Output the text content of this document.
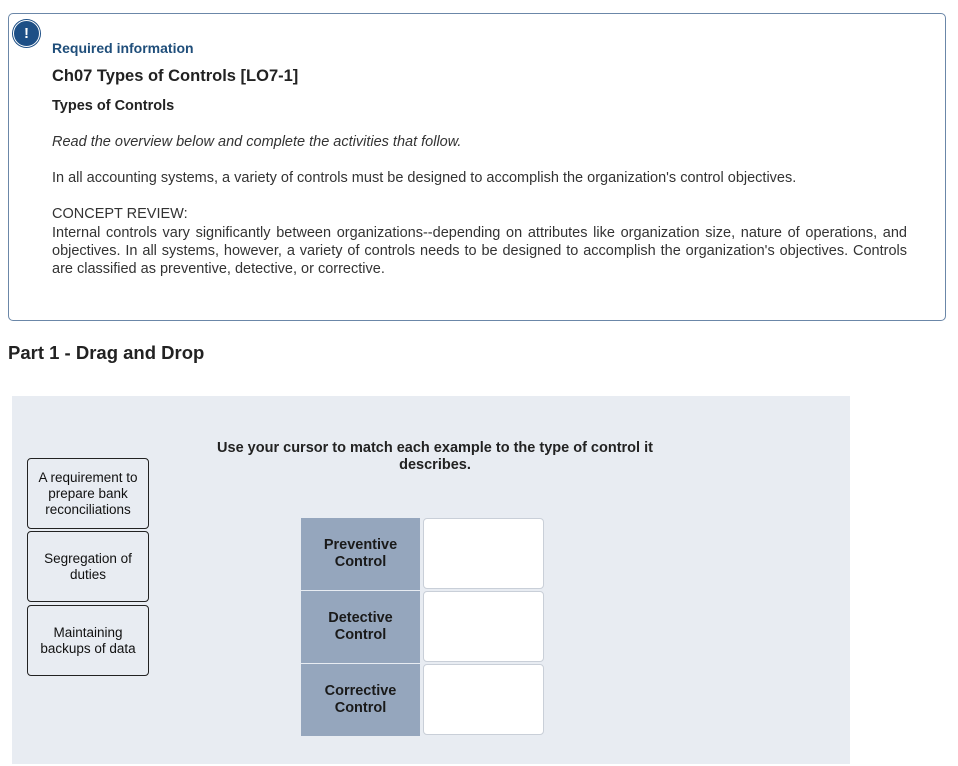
!
Required information
Ch07 Types of Controls [LO7-1]
Types of Controls
Read the overview below and complete the activities that follow.
In all accounting systems, a variety of controls must be designed to accomplish the organization's control objectives.
CONCEPT REVIEW:
Internal controls vary significantly between organizations--depending on attributes like organization size, nature of operations, and objectives. In all systems, however, a variety of controls needs to be designed to accomplish the organization's objectives. Controls are classified as preventive, detective, or corrective.
Part 1 - Drag and Drop
Use your cursor to match each example to the type of control it describes.
A requirement to prepare bank reconciliations
Segregation of duties
Maintaining backups of data
Preventive Control
Detective Control
Corrective Control
